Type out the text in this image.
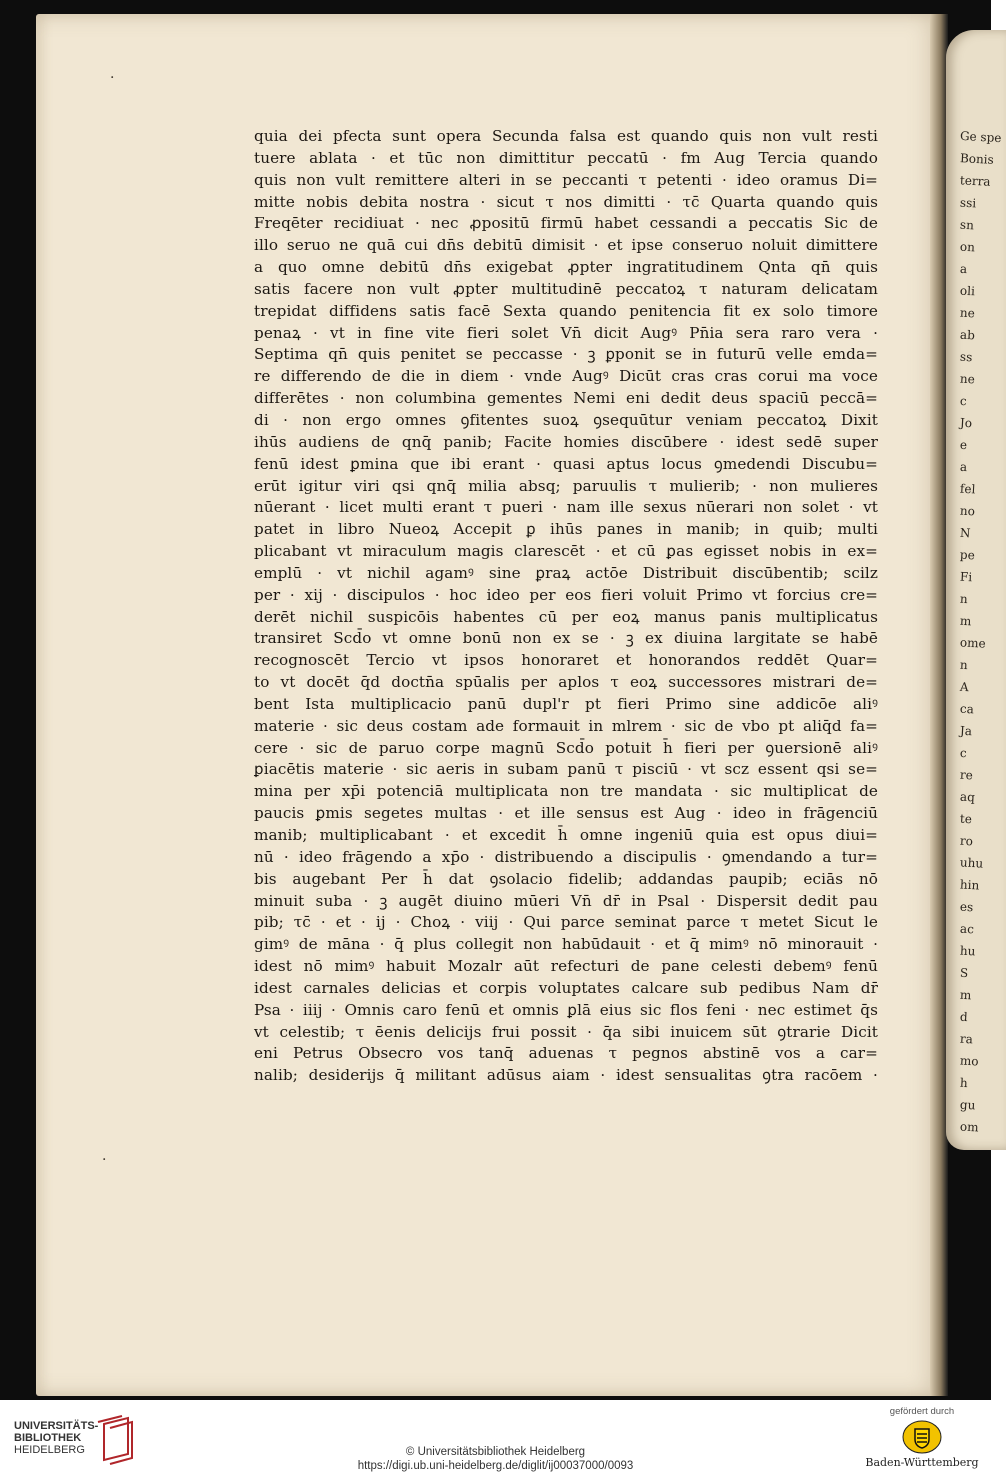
·
·
Ge spe
Bonis
terra
ssi
sn
on
a
oli
ne
ab
ss
ne
c
Jo
e
a
fel
no
N
pe
Fi
n
m
ome
n
A
ca
Ja
c
re
aq
te
ro
uhu
hin
es
ac
hu
S
m
d
ra
mo
h
gu
om
quia dei pfecta sunt opera Secunda falsa est quando quis non vult resti
tuere ablata · et tūc non dimittitur peccatū · fm Aug Tercia quando
quis non vult remittere alteri in se peccanti τ petenti · ideo oramus Di=
mitte nobis debita nostra · sicut τ nos dimitti · τc̄ Quarta quando quis
Freqēter recidiuat · nec ꝓpositū firmū habet cessandi a peccatis Sic de
illo seruo ne quā cui dn̄s debitū dimisit · et ipse conseruo noluit dimittere
a quo omne debitū dn̄s exigebat ꝓpter ingratitudinem Qnta qn̄ quis
satis facere non vult ꝓpter multitudinē peccatoꝝ τ naturam delicatam
trepidat diffidens satis facē Sexta quando penitencia fit ex solo timore
penaꝝ · vt in fine vite fieri solet Vn̄ dicit Augꝰ Pn̄ia sera raro vera ·
Septima qn̄ quis penitet se peccasse · ꝫ ꝑponit se in futurū velle emda=
re differendo de die in diem · vnde Augꝰ Dicūt cras cras corui ma voce
differētes · non columbina gementes Nemi eni dedit deus spaciū peccā=
di · non ergo omnes ꝯfitentes suoꝝ ꝯsequūtur veniam peccatoꝝ Dixit
ihūs audiens de qnq̄ panib; Facite homies discūbere · idest sedē super
fenū idest ꝑmina que ibi erant · quasi aptus locus ꝯmedendi Discubu=
erūt igitur viri qsi qnq̄ milia absq; paruulis τ mulierib; · non mulieres
nūerant · licet multi erant τ pueri · nam ille sexus nūerari non solet · vt
patet in libro Nueoꝝ Accepit ꝑ ihūs panes in manib; in quib; multi
plicabant vt miraculum magis clarescēt · et cū ꝑas egisset nobis in ex=
emplū · vt nichil agamꝰ sine ꝑraꝝ actōe Distribuit discūbentib; scilz
per · xij · discipulos · hoc ideo per eos fieri voluit Primo vt forcius cre=
derēt nichil suspicōis habentes cū per eoꝝ manus panis multiplicatus
transiret Scd̄o vt omne bonū non ex se · ꝫ ex diuina largitate se habē
recognoscēt Tercio vt ipsos honoraret et honorandos reddēt Quar=
to vt docēt q̄d doctn̄a spūalis per aplos τ eoꝝ successores mistrari de=
bent Ista multiplicacio panū dupl'r pt fieri Primo sine addicōe aliꝰ
materie · sic deus costam ade formauit in mlrem · sic de vbo pt aliq̄d fa=
cere · sic de paruo corpe magnū Scd̄o potuit h̄ fieri per ꝯuersionē aliꝰ
ꝑiacētis materie · sic aeris in subam panū τ pisciū · vt scz essent qsi se=
mina per xp̄i potenciā multiplicata non tre mandata · sic multiplicat de
paucis ꝑmis segetes multas · et ille sensus est Aug · ideo in frāgenciū
manib; multiplicabant · et excedit h̄ omne ingeniū quia est opus diui=
nū · ideo frāgendo a xp̄o · distribuendo a discipulis · ꝯmendando a tur=
bis augebant Per h̄ dat ꝯsolacio fidelib; addandas paupib; eciās nō
minuit suba · ꝫ augēt diuino mūeri Vn̄ dr̄ in Psal · Dispersit dedit pau
pib; τc̄ · et · ij · Choꝝ · viij · Qui parce seminat parce τ metet Sicut le
gimꝰ de māna · q̄ plus collegit non habūdauit · et q̄ mimꝰ nō minorauit ·
idest nō mimꝰ habuit Mozalr aūt refecturi de pane celesti debemꝰ fenū
idest carnales delicias et corpis voluptates calcare sub pedibus Nam dr̄
Psa · iiij · Omnis caro fenū et omnis ꝑlā eius sic flos feni · nec estimet q̄s
vt celestib; τ ēenis delicijs frui possit · q̄a sibi inuicem sūt ꝯtrarie Dicit
eni Petrus Obsecro vos tanq̄ aduenas τ pegnos abstinē vos a car=
nalib; desiderijs q̄ militant adūsus aiam · idest sensualitas ꝯtra racōem ·
UNIVERSITÄTS-
BIBLIOTHEK
HEIDELBERG	© Universitätsbibliothek Heidelberg
https://digi.ub.uni-heidelberg.de/diglit/ij00037000/0093
gefördert durch
Baden-Württemberg
